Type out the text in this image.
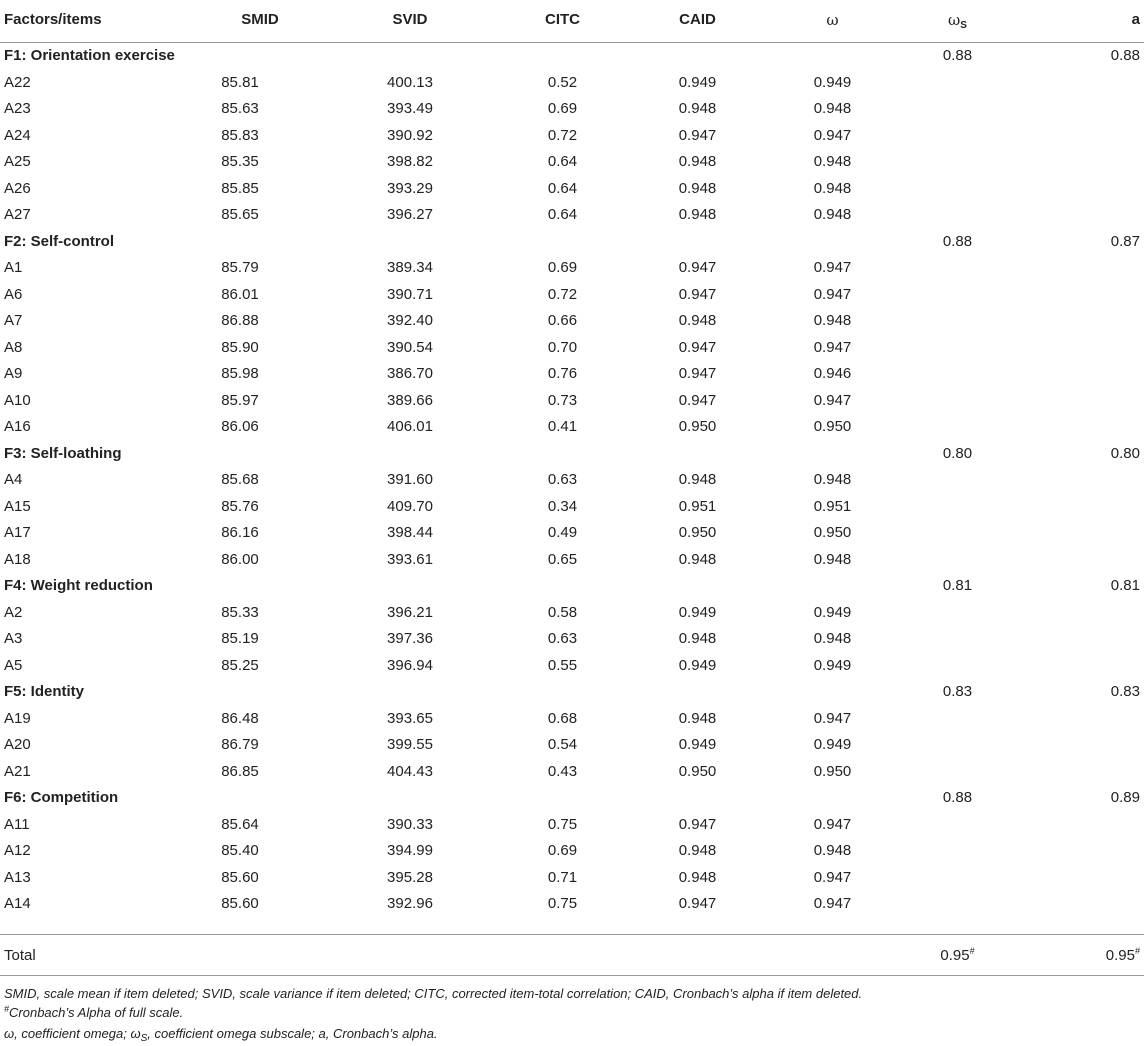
Factors/items	SMID	SVID	CITC	CAID	ω	$\omega_S$	a
F1: Orientation exercise						0.88	0.88
A22	85.81	400.13	0.52	0.949	0.949		
A23	85.63	393.49	0.69	0.948	0.948		
A24	85.83	390.92	0.72	0.947	0.947		
A25	85.35	398.82	0.64	0.948	0.948		
A26	85.85	393.29	0.64	0.948	0.948		
A27	85.65	396.27	0.64	0.948	0.948		
F2: Self-control						0.88	0.87
A1	85.79	389.34	0.69	0.947	0.947		
A6	86.01	390.71	0.72	0.947	0.947		
A7	86.88	392.40	0.66	0.948	0.948		
A8	85.90	390.54	0.70	0.947	0.947		
A9	85.98	386.70	0.76	0.947	0.946		
A10	85.97	389.66	0.73	0.947	0.947		
A16	86.06	406.01	0.41	0.950	0.950		
F3: Self-loathing						0.80	0.80
A4	85.68	391.60	0.63	0.948	0.948		
A15	85.76	409.70	0.34	0.951	0.951		
A17	86.16	398.44	0.49	0.950	0.950		
A18	86.00	393.61	0.65	0.948	0.948		
F4: Weight reduction						0.81	0.81
A2	85.33	396.21	0.58	0.949	0.949		
A3	85.19	397.36	0.63	0.948	0.948		
A5	85.25	396.94	0.55	0.949	0.949		
F5: Identity						0.83	0.83
A19	86.48	393.65	0.68	0.948	0.947		
A20	86.79	399.55	0.54	0.949	0.949		
A21	86.85	404.43	0.43	0.950	0.950		
F6: Competition						0.88	0.89
A11	85.64	390.33	0.75	0.947	0.947		
A12	85.40	394.99	0.69	0.948	0.948		
A13	85.60	395.28	0.71	0.948	0.947		
A14	85.60	392.96	0.75	0.947	0.947		

Total						0.95#	0.95#
SMID, scale mean if item deleted; SVID, scale variance if item deleted; CITC, corrected item-total correlation; CAID, Cronbach’s alpha if item deleted.
#Cronbach’s Alpha of full scale.
ω, coefficient omega; $\omega_S$, coefficient omega subscale; a, Cronbach’s alpha.
